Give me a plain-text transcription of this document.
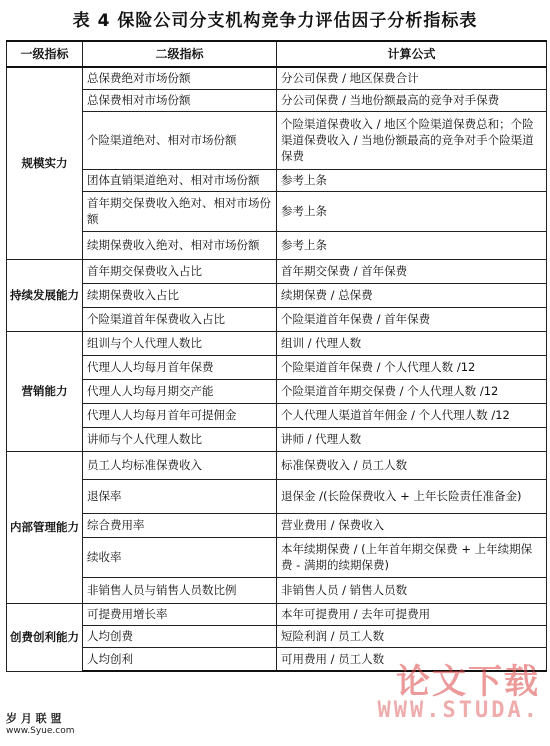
表 4 保险公司分支机构竞争力评估因子分析指标表
一级指标	二级指标	计算公式
规模实力	总保费绝对市场份额	分公司保费 / 地区保费合计
	总保费相对市场份额	分公司保费 / 当地份额最高的竞争对手保费
	个险渠道绝对、相对市场份额	个险渠道保费收入 / 地区个险渠道保费总和；个险渠道保费收入 / 当地份额最高的竞争对手个险渠道保费
	团体直销渠道绝对、相对市场份额	参考上条
	首年期交保费收入绝对、相对市场份额	参考上条
	续期保费收入绝对、相对市场份额	参考上条
持续发展能力	首年期交保费收入占比	首年期交保费 / 首年保费
	续期保费收入占比	续期保费 / 总保费
	个险渠道首年保费收入占比	个险渠道首年保费 / 首年保费
营销能力	组训与个人代理人数比	组训 / 代理人数
	代理人人均每月首年保费	个险渠道首年保费 / 个人代理人数 /12
	代理人人均每月期交产能	个险渠道首年期交保费 / 个人代理人数 /12
	代理人人均每月首年可提佣金	个人代理人渠道首年佣金 / 个人代理人数 /12
	讲师与个人代理人数比	讲师 / 代理人数
内部管理能力	员工人均标准保费收入	标准保费收入 / 员工人数
	退保率	退保金 /(长险保费收入 + 上年长险责任准备金)
	综合费用率	营业费用 / 保费收入
	续收率	本年续期保费 / (上年首年期交保费 + 上年续期保费 - 满期的续期保费)
	非销售人员与销售人员数比例	非销售人员 / 销售人员数
创费创利能力	可提费用增长率	本年可提费用 / 去年可提费用
	人均创费	短险利润 / 员工人数
	人均创利	可用费用 / 员工人数
论文下载
WWW.STUDA.
岁 月 联 盟
www.Syue.com
